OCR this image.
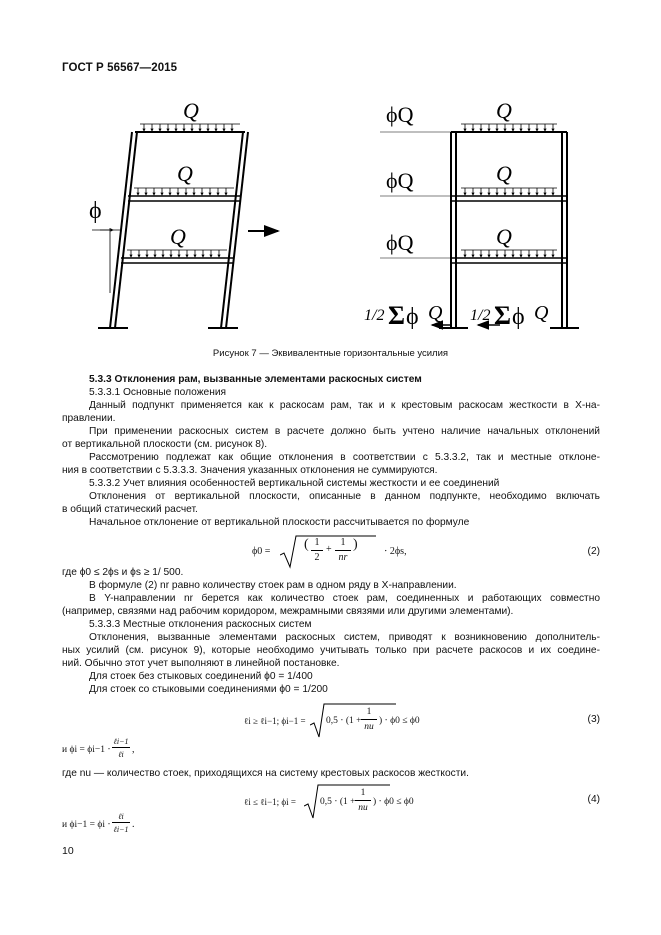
ГОСТ Р 56567—2015
Q
Q
Q
ϕ
Q
Q
Q
ϕQ
ϕQ
ϕQ
1/2 Σ ϕ Q 1/2 Σ ϕ Q
Рисунок 7 — Эквивалентные горизонтальные усилия
5.3.3 Отклонения рам, вызванные элементами раскосных систем
5.3.3.1 Основные положения
Данный подпункт применяется как к раскосам рам, так и к крестовым раскосам жесткости в X-на-
правлении.
При применении раскосных систем в расчете должно быть учтено наличие начальных отклонений
от вертикальной плоскости (см. рисунок 8).
Рассмотрению подлежат как общие отклонения в соответствии с 5.3.3.2, так и местные отклоне-
ния в соответствии с 5.3.3.3. Значения указанных отклонения не суммируются.
5.3.3.2 Учет влияния особенностей вертикальной системы жесткости и ее соединений
Отклонения от вертикальной плоскости, описанные в данном подпункте, необходимо включать
в общий статический расчет.
Начальное отклонение от вертикальной плоскости рассчитывается по формуле
ϕ0 = ( 1
2
+
1
nr
)	⋅ 2ϕs,	(2)
где ϕ0 ≤ 2ϕs и ϕs ≥ 1/ 500.
В формуле (2) nr равно количеству стоек рам в одном ряду в X-направлении.
В Y-направлении nr берется как количество стоек рам, соединенных и работающих совместно
(например, связями над рабочим коридором, межрамными связями или другими элементами).
5.3.3.3 Местные отклонения раскосных систем
Отклонения, вызванные элементами раскосных систем, приводят к возникновению дополнитель-
ных усилий (см. рисунок 9), которые необходимо учитывать только при расчете раскосов и их соедине-
ний. Обычно этот учет выполняют в линейной постановке.
Для стоек без стыковых соединений ϕ0 = 1/400
Для стоек со стыковыми соединениями ϕ0 = 1/200
ℓi ≥ ℓi−1; ϕi−1 = 0,5 ⋅ (1 +
1
nu
) ⋅ ϕ0 ≤ ϕ0	(3)
и ϕi = ϕi−1 ⋅
ℓi−1
ℓi ,
где nu — количество стоек, приходящихся на систему крестовых раскосов жесткости.
ℓi ≤ ℓi−1; ϕi =	0,5 ⋅ (1 +
1
nu
) ⋅ ϕ0 ≤ ϕ0	(4)
и ϕi−1 = ϕi ⋅
ℓi
ℓi−1 .
10
